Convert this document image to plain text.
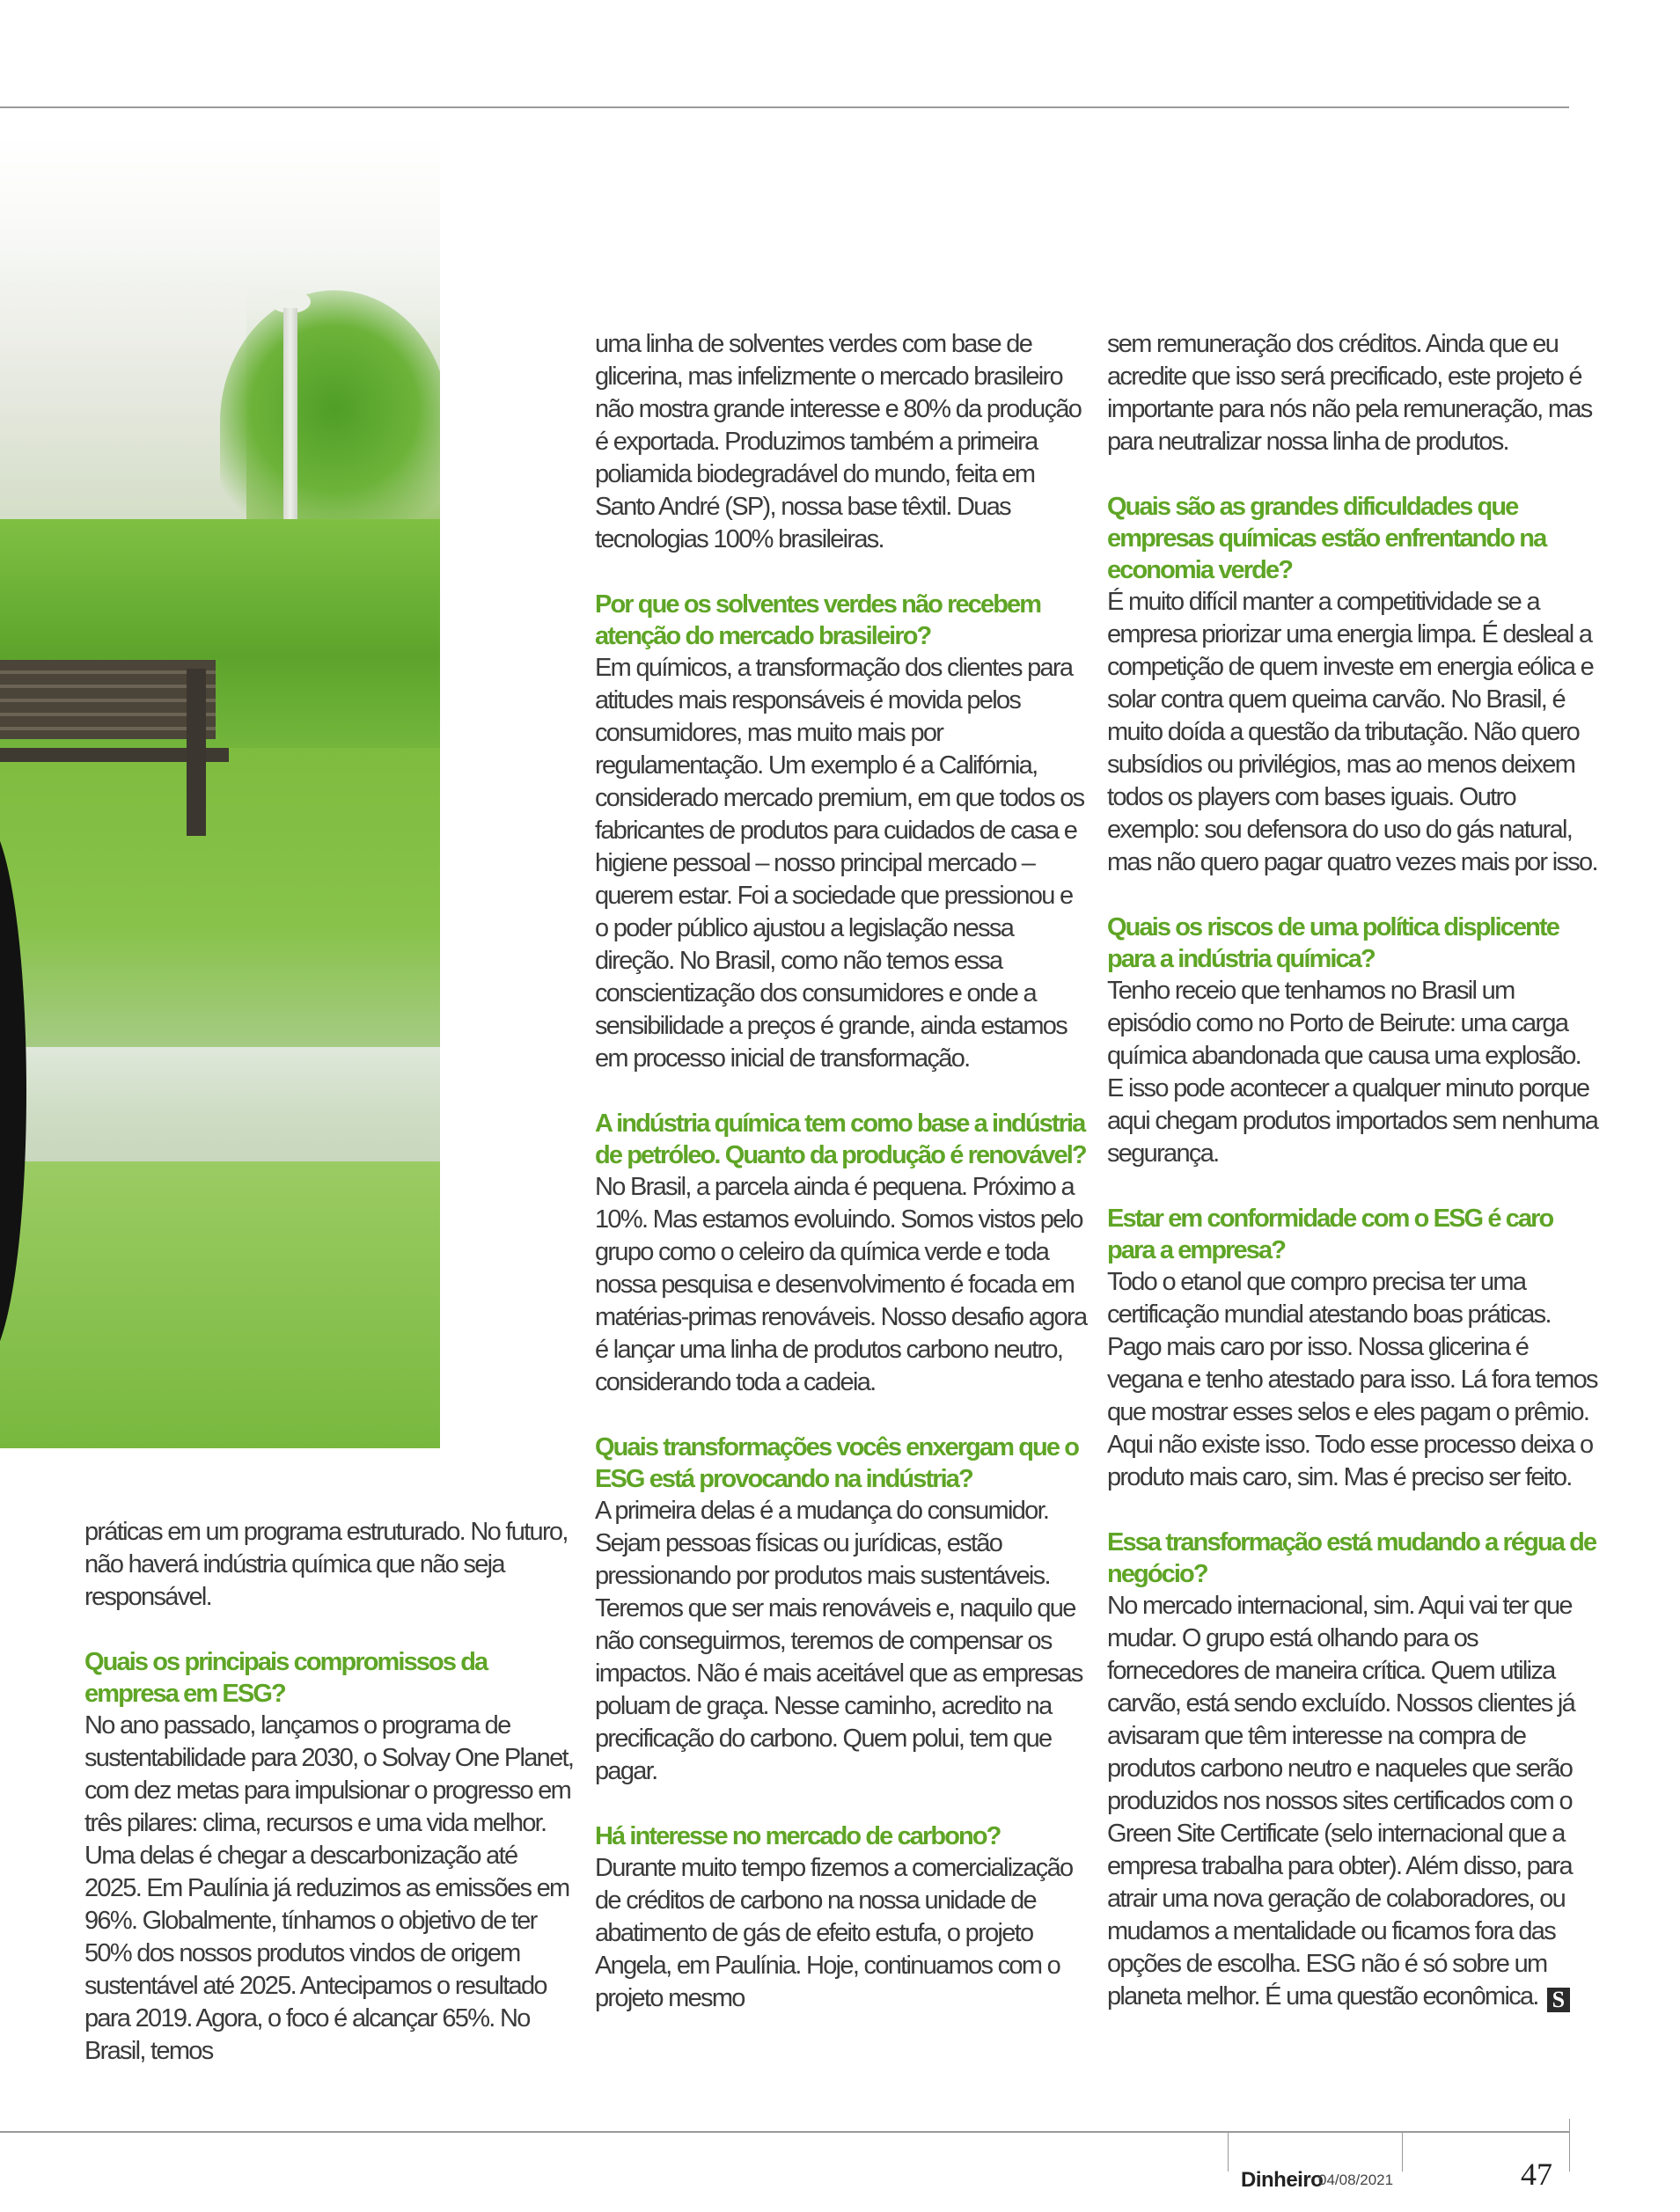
práticas em um programa estruturado. No futuro, não haverá indústria química que não seja responsável.

Quais os principais compromissos da empresa em ESG?

No ano passado, lançamos o programa de sustentabilidade para 2030, o Solvay One Planet, com dez metas para impulsionar o progresso em três pilares: clima, recursos e uma vida melhor. Uma delas é chegar a descarbonização até 2025. Em Paulínia já reduzimos as emissões em 96%. Globalmente, tínhamos o objetivo de ter 50% dos nossos produtos vindos de origem sustentável até 2025. Antecipamos o resultado para 2019. Agora, o foco é alcançar 65%. No Brasil, temos

uma linha de solventes verdes com base de glicerina, mas infelizmente o mercado brasileiro não mostra grande interesse e 80% da produção é exportada. Produzimos também a primeira poliamida biodegradável do mundo, feita em Santo André (SP), nossa base têxtil. Duas tecnologias 100% brasileiras.

Por que os solventes verdes não recebem atenção do mercado brasileiro?

Em químicos, a transformação dos clientes para atitudes mais responsáveis é movida pelos consumidores, mas muito mais por regulamentação. Um exemplo é a Califórnia, considerado mercado premium, em que todos os fabricantes de produtos para cuidados de casa e higiene pessoal – nosso principal mercado – querem estar. Foi a sociedade que pressionou e o poder público ajustou a legislação nessa direção. No Brasil, como não temos essa conscientização dos consumidores e onde a sensibilidade a preços é grande, ainda estamos em processo inicial de transformação.

A indústria química tem como base a indústria de petróleo. Quanto da produção é renovável?

No Brasil, a parcela ainda é pequena. Próximo a 10%. Mas estamos evoluindo. Somos vistos pelo grupo como o celeiro da química verde e toda nossa pesquisa e desenvolvimento é focada em matérias-primas renováveis. Nosso desafio agora é lançar uma linha de produtos carbono neutro, considerando toda a cadeia.

Quais transformações vocês enxergam que o ESG está provocando na indústria?

A primeira delas é a mudança do consumidor. Sejam pessoas físicas ou jurídicas, estão pressionando por produtos mais sustentáveis. Teremos que ser mais renováveis e, naquilo que não conseguirmos, teremos de compensar os impactos. Não é mais aceitável que as empresas poluam de graça. Nesse caminho, acredito na precificação do carbono. Quem polui, tem que pagar.

Há interesse no mercado de carbono?

Durante muito tempo fizemos a comercialização de créditos de carbono na nossa unidade de abatimento de gás de efeito estufa, o projeto Angela, em Paulínia. Hoje, continuamos com o projeto mesmo

sem remuneração dos créditos. Ainda que eu acredite que isso será precificado, este projeto é importante para nós não pela remuneração, mas para neutralizar nossa linha de produtos.

Quais são as grandes dificuldades que empresas químicas estão enfrentando na economia verde?

É muito difícil manter a competitividade se a empresa priorizar uma energia limpa. É desleal a competição de quem investe em energia eólica e solar contra quem queima carvão. No Brasil, é muito doída a questão da tributação. Não quero subsídios ou privilégios, mas ao menos deixem todos os players com bases iguais. Outro exemplo: sou defensora do uso do gás natural, mas não quero pagar quatro vezes mais por isso.

Quais os riscos de uma política displicente para a indústria química?

Tenho receio que tenhamos no Brasil um episódio como no Porto de Beirute: uma carga química abandonada que causa uma explosão. E isso pode acontecer a qualquer minuto porque aqui chegam produtos importados sem nenhuma segurança.

Estar em conformidade com o ESG é caro para a empresa?

Todo o etanol que compro precisa ter uma certificação mundial atestando boas práticas. Pago mais caro por isso. Nossa glicerina é vegana e tenho atestado para isso. Lá fora temos que mostrar esses selos e eles pagam o prêmio. Aqui não existe isso. Todo esse processo deixa o produto mais caro, sim. Mas é preciso ser feito.

Essa transformação está mudando a régua de negócio?

No mercado internacional, sim. Aqui vai ter que mudar. O grupo está olhando para os fornecedores de maneira crítica. Quem utiliza carvão, está sendo excluído. Nossos clientes já avisaram que têm interesse na compra de produtos carbono neutro e naqueles que serão produzidos nos nossos sites certificados com o Green Site Certificate (selo internacional que a empresa trabalha para obter). Além disso, para atrair uma nova geração de colaboradores, ou mudamos a mentalidade ou ficamos fora das opções de escolha. ESG não é só sobre um planeta melhor. É uma questão econômica. S

Dinheiro
04/08/2021	47
